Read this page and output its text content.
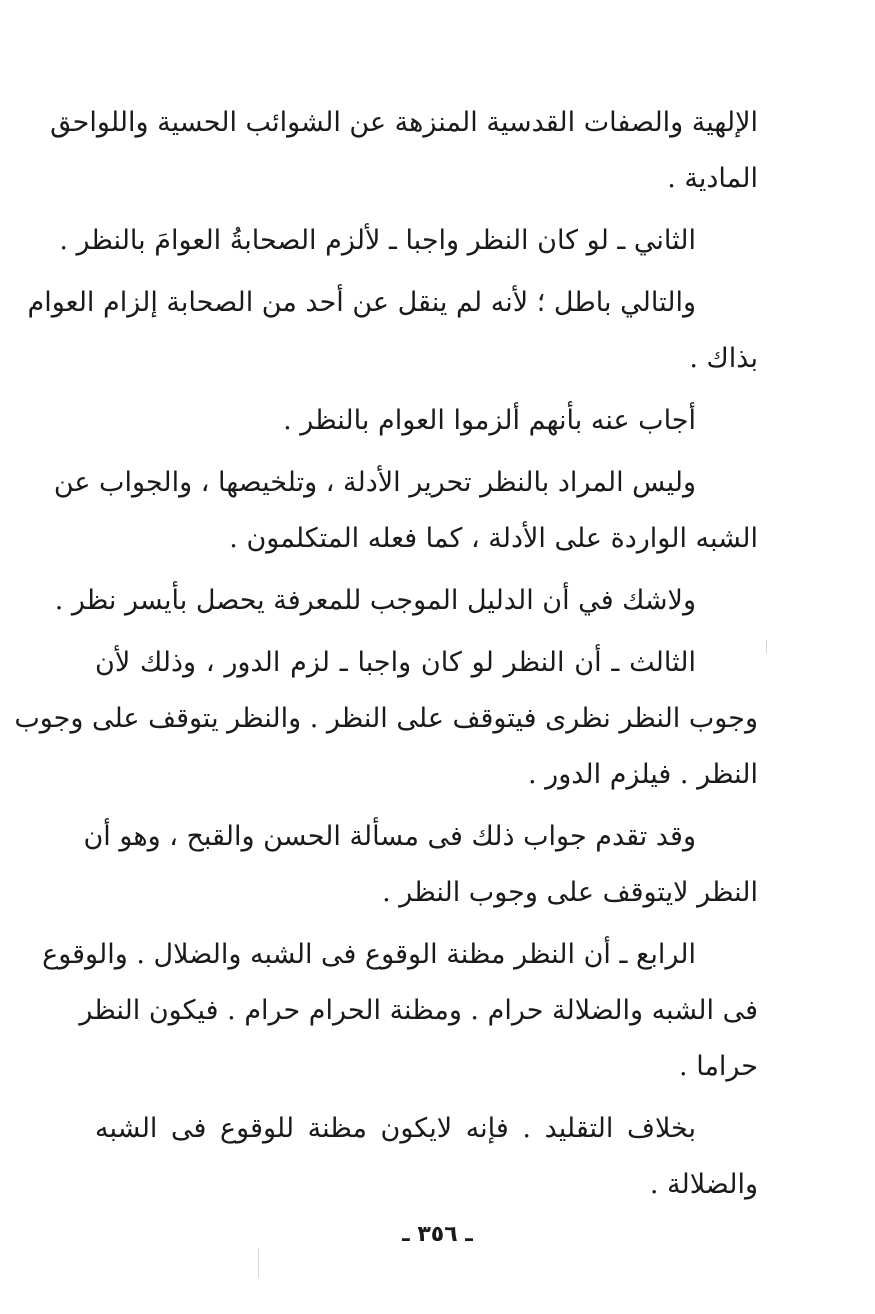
الإلهية والصفات القدسية المنزهة عن الشوائب الحسية واللواحق
المادية .
الثاني ـ لو كان النظر واجبا ـ لألزم الصحابةُ العوامَ بالنظر .
والتالي باطل ؛ لأنه لم ينقل عن أحد من الصحابة إلزام العوام
بذاك .
أجاب عنه بأنهم ألزموا العوام بالنظر .
وليس المراد بالنظر تحرير الأدلة ، وتلخيصها ، والجواب عن
الشبه الواردة على الأدلة ، كما فعله المتكلمون .
ولاشك في أن الدليل الموجب للمعرفة يحصل بأيسر نظر .
الثالث ـ أن النظر لو كان واجبا ـ لزم الدور ، وذلك لأن
وجوب النظر نظرى فيتوقف على النظر . والنظر يتوقف على وجوب
النظر . فيلزم الدور .
وقد تقدم جواب ذلك فى مسألة الحسن والقبح ، وهو أن
النظر لايتوقف على وجوب النظر .
الرابع ـ أن النظر مظنة الوقوع فى الشبه والضلال . والوقوع
فى الشبه والضلالة حرام . ومظنة الحرام حرام . فيكون النظر
حراما .
بخلاف التقليد . فإنه لايكون مظنة للوقوع فى الشبه
والضلالة .
ـ ٣٥٦ ـ
